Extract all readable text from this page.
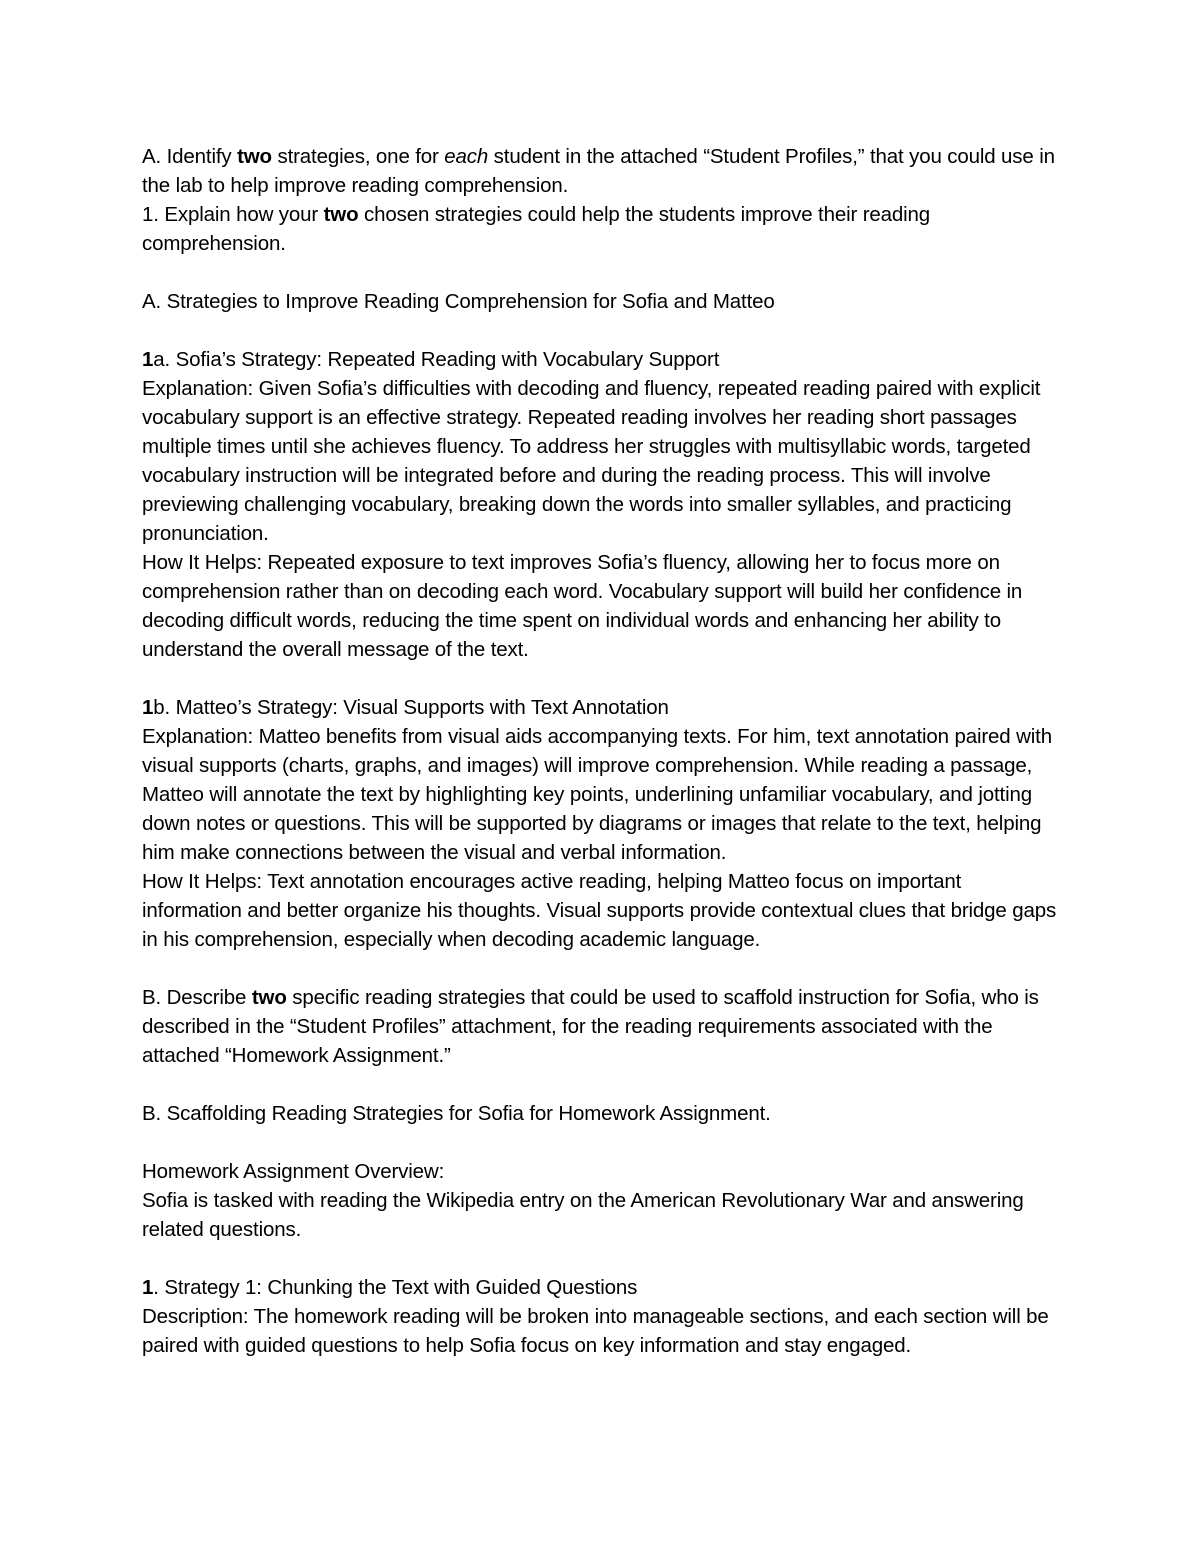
A. Identify two strategies, one for each student in the attached “Student Profiles,” that you could use in the lab to help improve reading comprehension.

1. Explain how your two chosen strategies could help the students improve their reading comprehension.

A. Strategies to Improve Reading Comprehension for Sofia and Matteo

1a. Sofia’s Strategy: Repeated Reading with Vocabulary Support

Explanation: Given Sofia’s difficulties with decoding and fluency, repeated reading paired with explicit vocabulary support is an effective strategy. Repeated reading involves her reading short passages multiple times until she achieves fluency. To address her struggles with multisyllabic words, targeted vocabulary instruction will be integrated before and during the reading process. This will involve previewing challenging vocabulary, breaking down the words into smaller syllables, and practicing pronunciation.

How It Helps: Repeated exposure to text improves Sofia’s fluency, allowing her to focus more on comprehension rather than on decoding each word. Vocabulary support will build her confidence in decoding difficult words, reducing the time spent on individual words and enhancing her ability to understand the overall message of the text.

1b. Matteo’s Strategy: Visual Supports with Text Annotation

Explanation: Matteo benefits from visual aids accompanying texts. For him, text annotation paired with visual supports (charts, graphs, and images) will improve comprehension. While reading a passage, Matteo will annotate the text by highlighting key points, underlining unfamiliar vocabulary, and jotting down notes or questions. This will be supported by diagrams or images that relate to the text, helping him make connections between the visual and verbal information.

How It Helps: Text annotation encourages active reading, helping Matteo focus on important information and better organize his thoughts. Visual supports provide contextual clues that bridge gaps in his comprehension, especially when decoding academic language.

B. Describe two specific reading strategies that could be used to scaffold instruction for Sofia, who is described in the “Student Profiles” attachment, for the reading requirements associated with the attached “Homework Assignment.”

B. Scaffolding Reading Strategies for Sofia for Homework Assignment.

Homework Assignment Overview:

Sofia is tasked with reading the Wikipedia entry on the American Revolutionary War and answering related questions.

1. Strategy 1: Chunking the Text with Guided Questions

Description: The homework reading will be broken into manageable sections, and each section will be paired with guided questions to help Sofia focus on key information and stay engaged.
